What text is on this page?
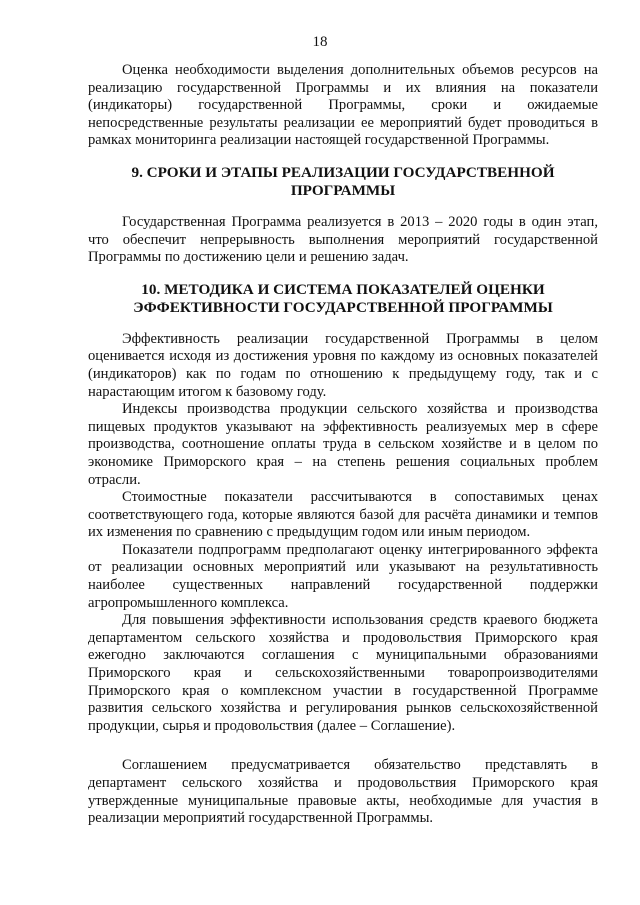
18

Оценка необходимости выделения дополнительных объемов ресурсов на реализацию государственной Программы и их влияния на показатели (индикаторы) государственной Программы, сроки и ожидаемые непосредственные результаты реализации ее мероприятий будет проводиться в рамках мониторинга реализации настоящей государственной Программы.

9. СРОКИ И ЭТАПЫ РЕАЛИЗАЦИИ ГОСУДАРСТВЕННОЙ ПРОГРАММЫ

Государственная Программа реализуется в 2013 – 2020 годы в один этап, что обеспечит непрерывность выполнения мероприятий государственной Программы по достижению цели и решению задач.

10. МЕТОДИКА И СИСТЕМА ПОКАЗАТЕЛЕЙ ОЦЕНКИ ЭФФЕКТИВНОСТИ ГОСУДАРСТВЕННОЙ ПРОГРАММЫ

Эффективность реализации государственной Программы в целом оценивается исходя из достижения уровня по каждому из основных показателей (индикаторов) как по годам по отношению к предыдущему году, так и с нарастающим итогом к базовому году.

Индексы производства продукции сельского хозяйства и производства пищевых продуктов указывают на эффективность реализуемых мер в сфере производства, соотношение оплаты труда в сельском хозяйстве и в целом по экономике Приморского края – на степень решения социальных проблем отрасли.

Стоимостные показатели рассчитываются в сопоставимых ценах соответствующего года, которые являются базой для расчёта динамики и темпов их изменения по сравнению с предыдущим годом или иным периодом.

Показатели подпрограмм предполагают оценку интегрированного эффекта от реализации основных мероприятий или указывают на результативность наиболее существенных направлений государственной поддержки агропромышленного комплекса.

Для повышения эффективности использования средств краевого бюджета департаментом сельского хозяйства и продовольствия Приморского края ежегодно заключаются соглашения с муниципальными образованиями Приморского края и сельскохозяйственными товаропроизводителями Приморского края о комплексном участии в государственной Программе развития сельского хозяйства и регулирования рынков сельскохозяйственной продукции, сырья и продовольствия (далее – Соглашение).

Соглашением предусматривается обязательство представлять в департамент сельского хозяйства и продовольствия Приморского края утвержденные муниципальные правовые акты, необходимые для участия в реализации мероприятий государственной Программы.
